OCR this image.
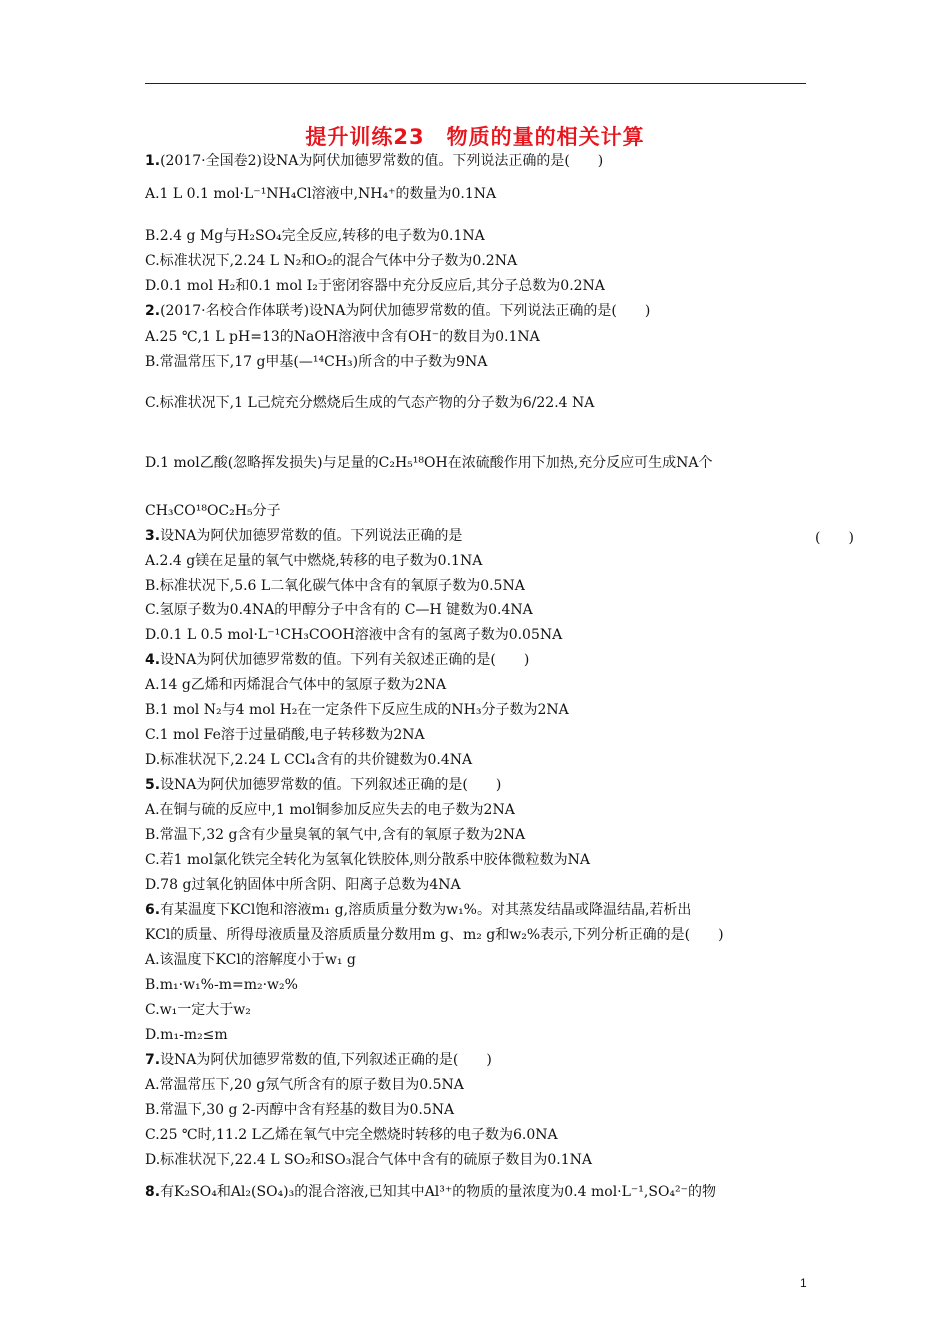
提升训练23　物质的量的相关计算
1.(2017·全国卷2)设NA为阿伏加德罗常数的值。下列说法正确的是(　　)
A.1 L 0.1 mol·L⁻¹NH₄Cl溶液中,NH₄⁺的数量为0.1NA
B.2.4 g Mg与H₂SO₄完全反应,转移的电子数为0.1NA
C.标准状况下,2.24 L N₂和O₂的混合气体中分子数为0.2NA
D.0.1 mol H₂和0.1 mol I₂于密闭容器中充分反应后,其分子总数为0.2NA
2.(2017·名校合作体联考)设NA为阿伏加德罗常数的值。下列说法正确的是(　　)
A.25 ℃,1 L pH=13的NaOH溶液中含有OH⁻的数目为0.1NA
B.常温常压下,17 g甲基(—¹⁴CH₃)所含的中子数为9NA
C.标准状况下,1 L己烷充分燃烧后生成的气态产物的分子数为6/22.4 NA
D.1 mol乙酸(忽略挥发损失)与足量的C₂H₅¹⁸OH在浓硫酸作用下加热,充分反应可生成NA个
CH₃CO¹⁸OC₂H₅分子
3.设NA为阿伏加德罗常数的值。下列说法正确的是
A.2.4 g镁在足量的氧气中燃烧,转移的电子数为0.1NA
B.标准状况下,5.6 L二氧化碳气体中含有的氧原子数为0.5NA
C.氢原子数为0.4NA的甲醇分子中含有的 C—H 键数为0.4NA
D.0.1 L 0.5 mol·L⁻¹CH₃COOH溶液中含有的氢离子数为0.05NA
4.设NA为阿伏加德罗常数的值。下列有关叙述正确的是(　　)
A.14 g乙烯和丙烯混合气体中的氢原子数为2NA
B.1 mol N₂与4 mol H₂在一定条件下反应生成的NH₃分子数为2NA
C.1 mol Fe溶于过量硝酸,电子转移数为2NA
D.标准状况下,2.24 L CCl₄含有的共价键数为0.4NA
5.设NA为阿伏加德罗常数的值。下列叙述正确的是(　　)
A.在铜与硫的反应中,1 mol铜参加反应失去的电子数为2NA
B.常温下,32 g含有少量臭氧的氧气中,含有的氧原子数为2NA
C.若1 mol氯化铁完全转化为氢氧化铁胶体,则分散系中胶体微粒数为NA
D.78 g过氧化钠固体中所含阴、阳离子总数为4NA
6.有某温度下KCl饱和溶液m₁ g,溶质质量分数为w₁%。对其蒸发结晶或降温结晶,若析出
KCl的质量、所得母液质量及溶质质量分数用m g、m₂ g和w₂%表示,下列分析正确的是(　　)
A.该温度下KCl的溶解度小于w₁ g
B.m₁·w₁%-m=m₂·w₂%
C.w₁一定大于w₂
D.m₁-m₂≤m
7.设NA为阿伏加德罗常数的值,下列叙述正确的是(　　)
A.常温常压下,20 g氖气所含有的原子数目为0.5NA
B.常温下,30 g 2-丙醇中含有羟基的数目为0.5NA
C.25 ℃时,11.2 L乙烯在氧气中完全燃烧时转移的电子数为6.0NA
D.标准状况下,22.4 L SO₂和SO₃混合气体中含有的硫原子数目为0.1NA
8.有K₂SO₄和Al₂(SO₄)₃的混合溶液,已知其中Al³⁺的物质的量浓度为0.4 mol·L⁻¹,SO₄²⁻的物
(　　)
1
